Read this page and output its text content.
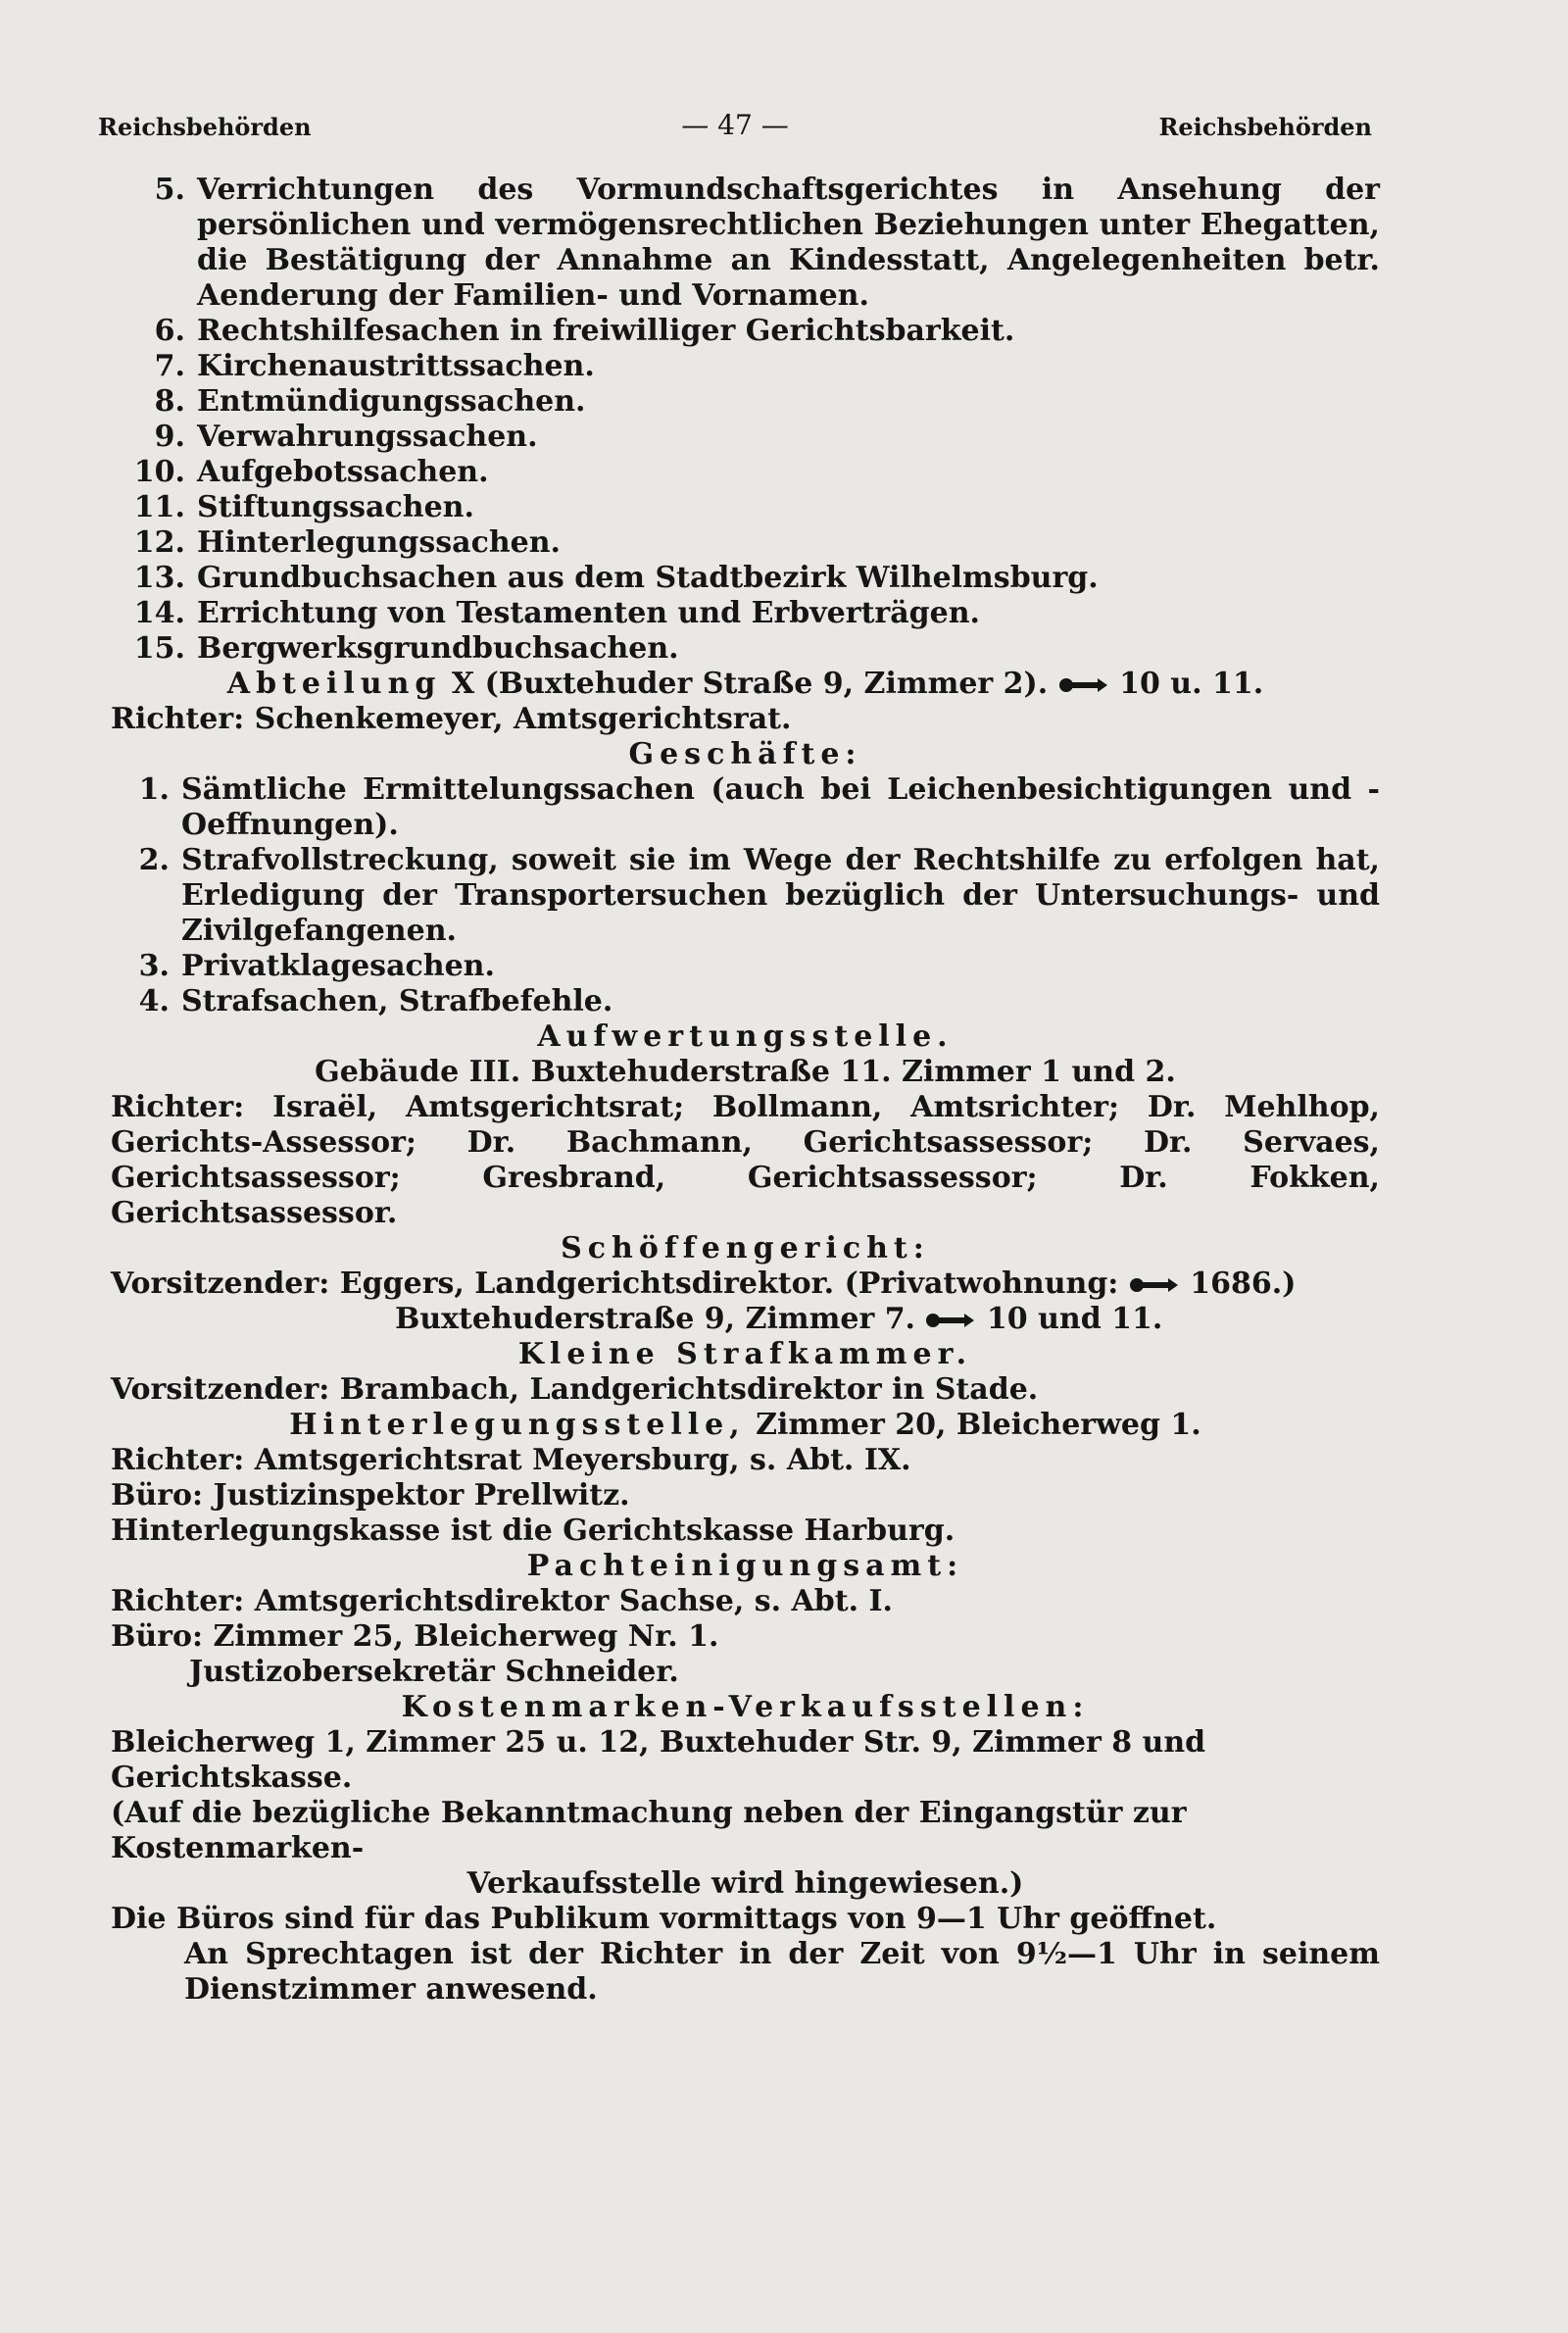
Reichsbehörden	— 47 —	Reichsbehörden
5. Verrichtungen des Vormundschaftsgerichtes in Ansehung der persönlichen und vermögensrechtlichen Beziehungen unter Ehegatten, die Bestätigung der Annahme an Kindesstatt, Angelegenheiten betr. Aenderung der Familien- und Vornamen.
6. Rechtshilfesachen in freiwilliger Gerichtsbarkeit.
7. Kirchenaustrittssachen.
8. Entmündigungssachen.
9. Verwahrungssachen.
10. Aufgebotssachen.
11. Stiftungssachen.
12. Hinterlegungssachen.
13. Grundbuchsachen aus dem Stadtbezirk Wilhelmsburg.
14. Errichtung von Testamenten und Erbverträgen.
15. Bergwerksgrundbuchsachen.

Abteilung X (Buxtehuder Straße 9, Zimmer 2). 10 u. 11.

Richter: Schenkemeyer, Amtsgerichtsrat.

Geschäfte:

1. Sämtliche Ermittelungssachen (auch bei Leichenbesichtigungen und -Oeffnungen).
2. Strafvollstreckung, soweit sie im Wege der Rechtshilfe zu erfolgen hat, Erledigung der Transportersuchen bezüglich der Untersuchungs- und Zivilgefangenen.
3. Privatklagesachen.
4. Strafsachen, Strafbefehle.

Aufwertungsstelle.

Gebäude III. Buxtehuderstraße 11. Zimmer 1 und 2.

Richter: Israël, Amtsgerichtsrat; Bollmann, Amtsrichter; Dr. Mehlhop, Gerichts-Assessor; Dr. Bachmann, Gerichtsassessor; Dr. Servaes, Gerichtsassessor; Gresbrand, Gerichtsassessor; Dr. Fokken, Gerichtsassessor.

Schöffengericht:

Vorsitzender: Eggers, Landgerichtsdirektor. (Privatwohnung: 1686.)

Buxtehuderstraße 9, Zimmer 7. 10 und 11.

Kleine Strafkammer.

Vorsitzender: Brambach, Landgerichtsdirektor in Stade.

Hinterlegungsstelle, Zimmer 20, Bleicherweg 1.

Richter: Amtsgerichtsrat Meyersburg, s. Abt. IX.

Büro: Justizinspektor Prellwitz.

Hinterlegungskasse ist die Gerichtskasse Harburg.

Pachteinigungsamt:

Richter: Amtsgerichtsdirektor Sachse, s. Abt. I.

Büro: Zimmer 25, Bleicherweg Nr. 1.

Justizobersekretär Schneider.

Kostenmarken-Verkaufsstellen:

Bleicherweg 1, Zimmer 25 u. 12, Buxtehuder Str. 9, Zimmer 8 und Gerichtskasse.

(Auf die bezügliche Bekanntmachung neben der Eingangstür zur Kostenmarken-

Verkaufsstelle wird hingewiesen.)

Die Büros sind für das Publikum vormittags von 9—1 Uhr geöffnet.

An Sprechtagen ist der Richter in der Zeit von 9½—1 Uhr in seinem Dienstzimmer anwesend.
